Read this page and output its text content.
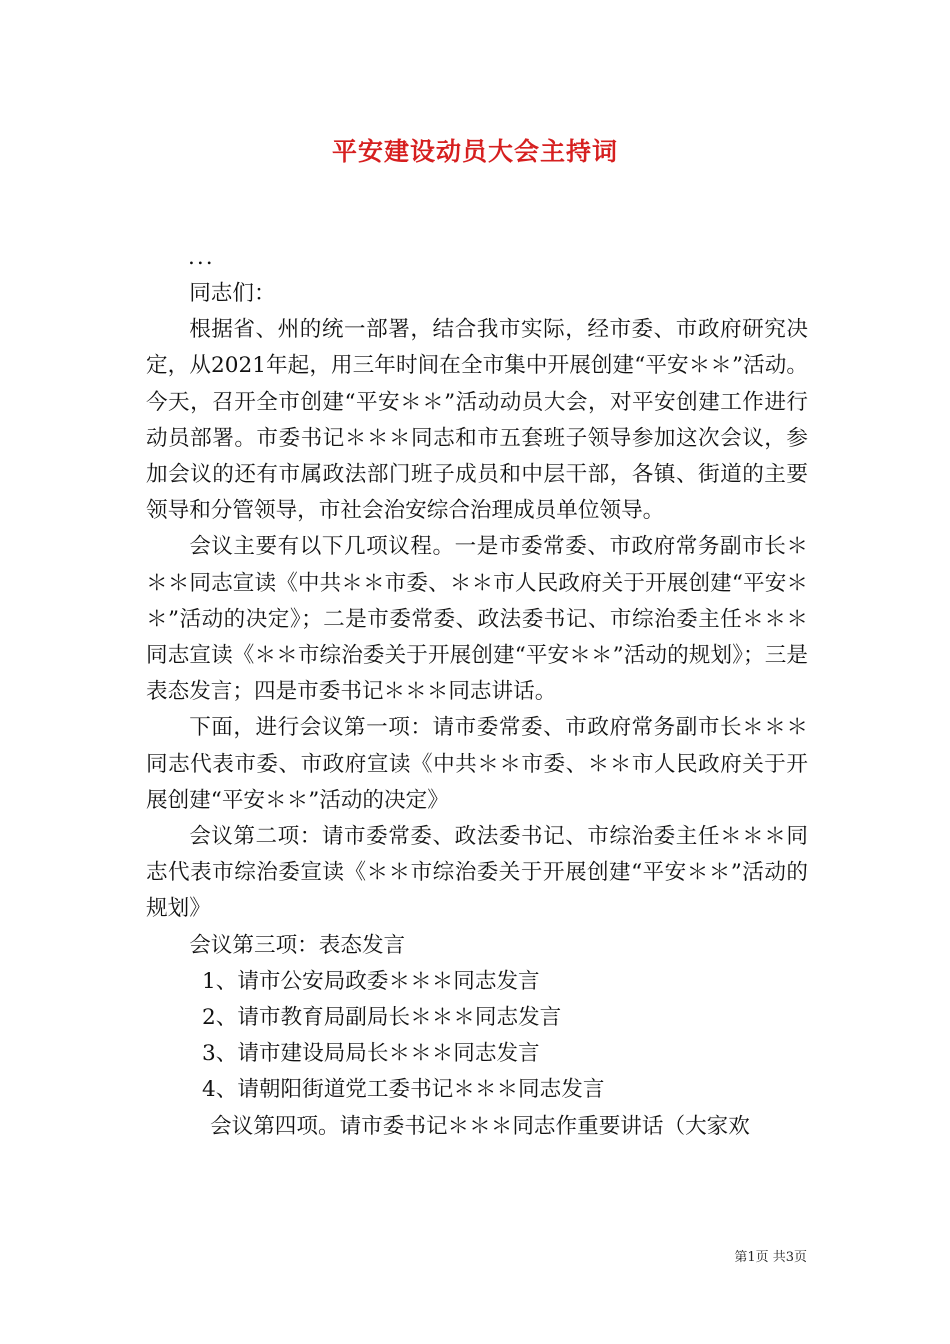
平安建设动员大会主持词

...

同志们：

根据省、州的统一部署，结合我市实际，经市委、市政府研究决定，从2021年起，用三年时间在全市集中开展创建“平安＊＊”活动。今天，召开全市创建“平安＊＊”活动动员大会，对平安创建工作进行动员部署。市委书记＊＊＊同志和市五套班子领导参加这次会议，参加会议的还有市属政法部门班子成员和中层干部，各镇、街道的主要领导和分管领导，市社会治安综合治理成员单位领导。

会议主要有以下几项议程。一是市委常委、市政府常务副市长＊＊＊同志宣读《中共＊＊市委、＊＊市人民政府关于开展创建“平安＊＊”活动的决定》；二是市委常委、政法委书记、市综治委主任＊＊＊同志宣读《＊＊市综治委关于开展创建“平安＊＊”活动的规划》；三是表态发言；四是市委书记＊＊＊同志讲话。

下面，进行会议第一项：请市委常委、市政府常务副市长＊＊＊同志代表市委、市政府宣读《中共＊＊市委、＊＊市人民政府关于开展创建“平安＊＊”活动的决定》

会议第二项：请市委常委、政法委书记、市综治委主任＊＊＊同志代表市综治委宣读《＊＊市综治委关于开展创建“平安＊＊”活动的规划》

会议第三项：表态发言

1、请市公安局政委＊＊＊同志发言

2、请市教育局副局长＊＊＊同志发言

3、请市建设局局长＊＊＊同志发言

4、请朝阳街道党工委书记＊＊＊同志发言

会议第四项。请市委书记＊＊＊同志作重要讲话（大家欢

第1页 共3页
